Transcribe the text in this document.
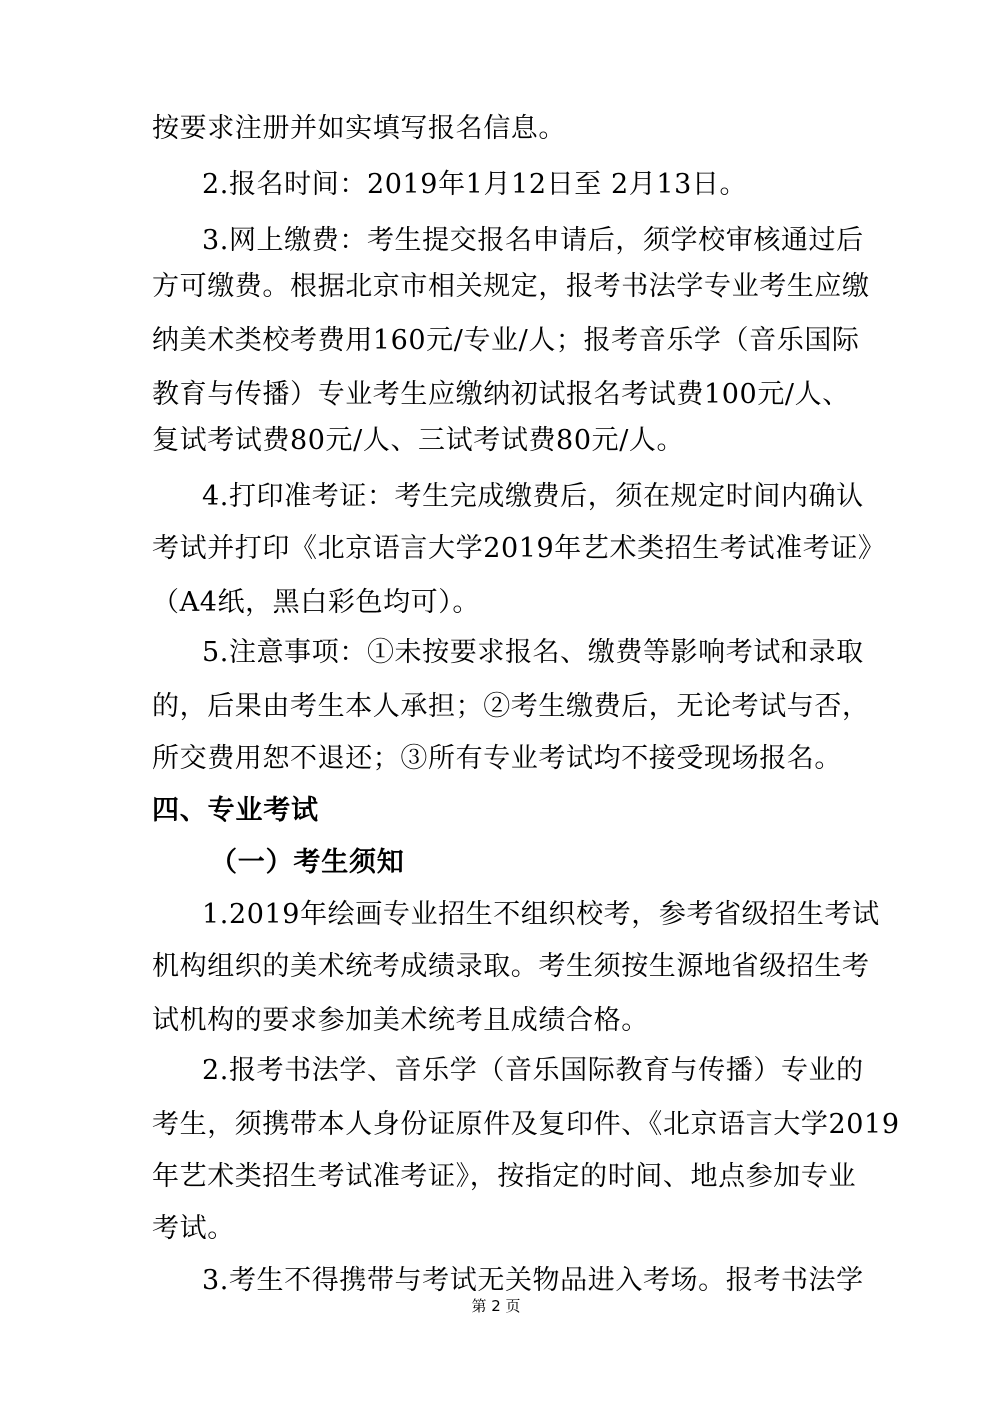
按要求注册并如实填写报名信息。
2.报名时间：2019年1月12日至 2月13日。
3.网上缴费：考生提交报名申请后，须学校审核通过后
方可缴费。根据北京市相关规定，报考书法学专业考生应缴
纳美术类校考费用160元/专业/人；报考音乐学（音乐国际
教育与传播）专业考生应缴纳初试报名考试费100元/人、
复试考试费80元/人、三试考试费80元/人。
4.打印准考证：考生完成缴费后，须在规定时间内确认
考试并打印《北京语言大学2019年艺术类招生考试准考证》
（A4纸，黑白彩色均可）。
5.注意事项：①未按要求报名、缴费等影响考试和录取
的，后果由考生本人承担；②考生缴费后，无论考试与否，
所交费用恕不退还；③所有专业考试均不接受现场报名。
四、专业考试
（一）考生须知
1.2019年绘画专业招生不组织校考，参考省级招生考试
机构组织的美术统考成绩录取。考生须按生源地省级招生考
试机构的要求参加美术统考且成绩合格。
2.报考书法学、音乐学（音乐国际教育与传播）专业的
考生，须携带本人身份证原件及复印件、《北京语言大学2019
年艺术类招生考试准考证》，按指定的时间、地点参加专业
考试。
3.考生不得携带与考试无关物品进入考场。报考书法学
第 2 页
